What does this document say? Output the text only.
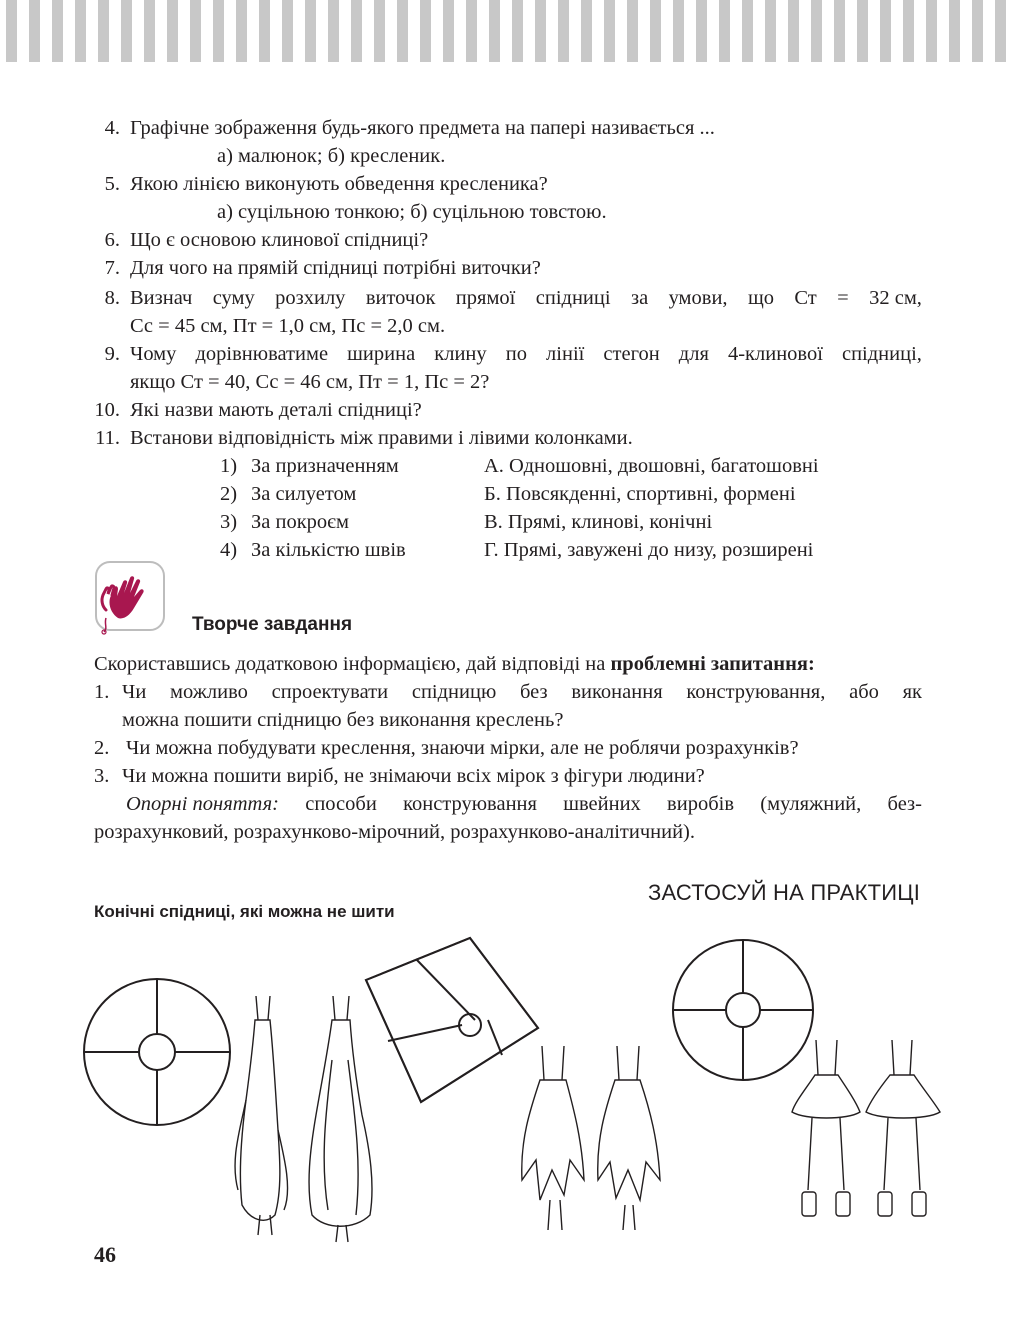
4. Графічне зображення будь-якого предмета на папері називається ...
а) малюнок; б) кресленик.
5. Якою лінією виконують обведення кресленика?
а) суцільною тонкою; б) суцільною товстою.
6. Що є основою клинової спідниці?
7. Для чого на прямій спідниці потрібні виточки?
8. Визнач суму розхилу виточок прямої спідниці за умови, що Ст = 32 см,
Сс = 45 см, Пт = 1,0 см, Пс = 2,0 см.
9. Чому дорівнюватиме ширина клину по лінії стегон для 4-клинової спідниці,
якщо Ст = 40, Сс = 46 см, Пт = 1, Пс = 2?
10. Які назви мають деталі спідниці?
11. Встанови відповідність між правими і лівими колонками.
1) За призначенням	А. Одношовні, двошовні, багатошовні
2) За силуетом	Б. Повсякденні, спортивні, формені
3) За покроєм	В. Прямі, клинові, конічні
4) За кількістю швів	Г. Прямі, завужені до низу, розширені
Творче завдання
Скориставшись додатковою інформацією, дай відповіді на проблемні запитання:
1. Чи можливо спроектувати спідницю без виконання конструювання, або як
можна пошити спідницю без виконання креслень?
2. Чи можна побудувати креслення, знаючи мірки, але не роблячи розрахунків?
3. Чи можна пошити виріб, не знімаючи всіх мірок з фігури людини?
Опорні поняття: способи конструювання швейних виробів (муляжний, без-
розрахунковий, розрахунково-мірочний, розрахунково-аналітичний).
ЗАСТОСУЙ НА ПРАКТИЦІ
Конічні спідниці, які можна не шити
46
